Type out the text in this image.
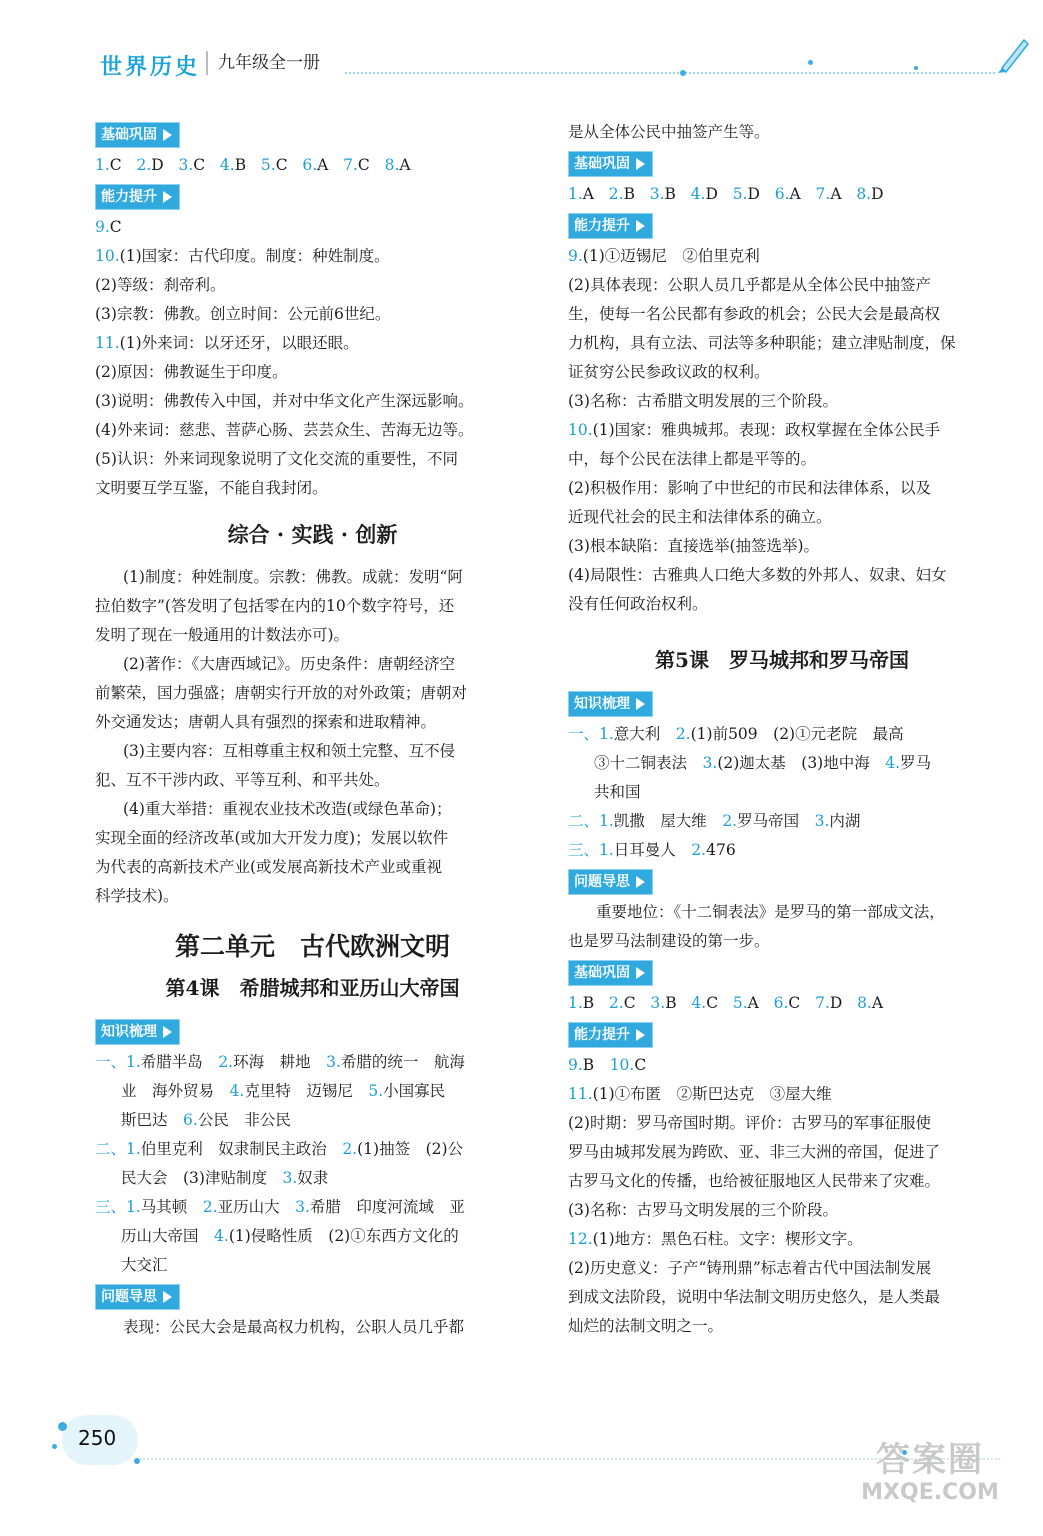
世界历史	九年级全一册
基础巩固
1.C 2.D 3.C 4.B 5.C 6.A 7.C 8.A
能力提升
9.C
10.(1)国家：古代印度。制度：种姓制度。
(2)等级：刹帝利。
(3)宗教：佛教。创立时间：公元前6世纪。
11.(1)外来词：以牙还牙，以眼还眼。
(2)原因：佛教诞生于印度。
(3)说明：佛教传入中国，并对中华文化产生深远影响。
(4)外来词：慈悲、菩萨心肠、芸芸众生、苦海无边等。
(5)认识：外来词现象说明了文化交流的重要性，不同
文明要互学互鉴，不能自我封闭。
综合 · 实践 · 创新
(1)制度：种姓制度。宗教：佛教。成就：发明“阿
拉伯数字”(答发明了包括零在内的10个数字符号，还
发明了现在一般通用的计数法亦可)。
(2)著作：《大唐西域记》。历史条件：唐朝经济空
前繁荣，国力强盛；唐朝实行开放的对外政策；唐朝对
外交通发达；唐朝人具有强烈的探索和进取精神。
(3)主要内容：互相尊重主权和领土完整、互不侵
犯、互不干涉内政、平等互利、和平共处。
(4)重大举措：重视农业技术改造(或绿色革命)；
实现全面的经济改革(或加大开发力度)；发展以软件
为代表的高新技术产业(或发展高新技术产业或重视
科学技术)。
第二单元　古代欧洲文明
第4课　希腊城邦和亚历山大帝国
知识梳理
一、1.希腊半岛　2.环海　耕地　3.希腊的统一　航海
业　海外贸易　4.克里特　迈锡尼　5.小国寡民
斯巴达　6.公民　非公民
二、1.伯里克利　奴隶制民主政治　2.(1)抽签　(2)公
民大会　(3)津贴制度　3.奴隶
三、1.马其顿　2.亚历山大　3.希腊　印度河流域　亚
历山大帝国　4.(1)侵略性质　(2)①东西方文化的
大交汇
问题导思
表现：公民大会是最高权力机构，公职人员几乎都
是从全体公民中抽签产生等。
基础巩固
1.A 2.B 3.B 4.D 5.D 6.A 7.A 8.D
能力提升
9.(1)①迈锡尼　②伯里克利
(2)具体表现：公职人员几乎都是从全体公民中抽签产
生，使每一名公民都有参政的机会；公民大会是最高权
力机构，具有立法、司法等多种职能；建立津贴制度，保
证贫穷公民参政议政的权利。
(3)名称：古希腊文明发展的三个阶段。
10.(1)国家：雅典城邦。表现：政权掌握在全体公民手
中，每个公民在法律上都是平等的。
(2)积极作用：影响了中世纪的市民和法律体系，以及
近现代社会的民主和法律体系的确立。
(3)根本缺陷：直接选举(抽签选举)。
(4)局限性：古雅典人口绝大多数的外邦人、奴隶、妇女
没有任何政治权利。
第5课　罗马城邦和罗马帝国
知识梳理
一、1.意大利　2.(1)前509　(2)①元老院　最高
③十二铜表法　3.(2)迦太基　(3)地中海　4.罗马
共和国
二、1.凯撒　屋大维　2.罗马帝国　3.内湖
三、1.日耳曼人　2.476
问题导思
重要地位：《十二铜表法》是罗马的第一部成文法，
也是罗马法制建设的第一步。
基础巩固
1.B 2.C 3.B 4.C 5.A 6.C 7.D 8.A
能力提升
9.B　10.C
11.(1)①布匿　②斯巴达克　③屋大维
(2)时期：罗马帝国时期。评价：古罗马的军事征服使
罗马由城邦发展为跨欧、亚、非三大洲的帝国，促进了
古罗马文化的传播，也给被征服地区人民带来了灾难。
(3)名称：古罗马文明发展的三个阶段。
12.(1)地方：黑色石柱。文字：楔形文字。
(2)历史意义：子产“铸刑鼎”标志着古代中国法制发展
到成文法阶段，说明中华法制文明历史悠久，是人类最
灿烂的法制文明之一。
250
答案圈
MXQE.COM
